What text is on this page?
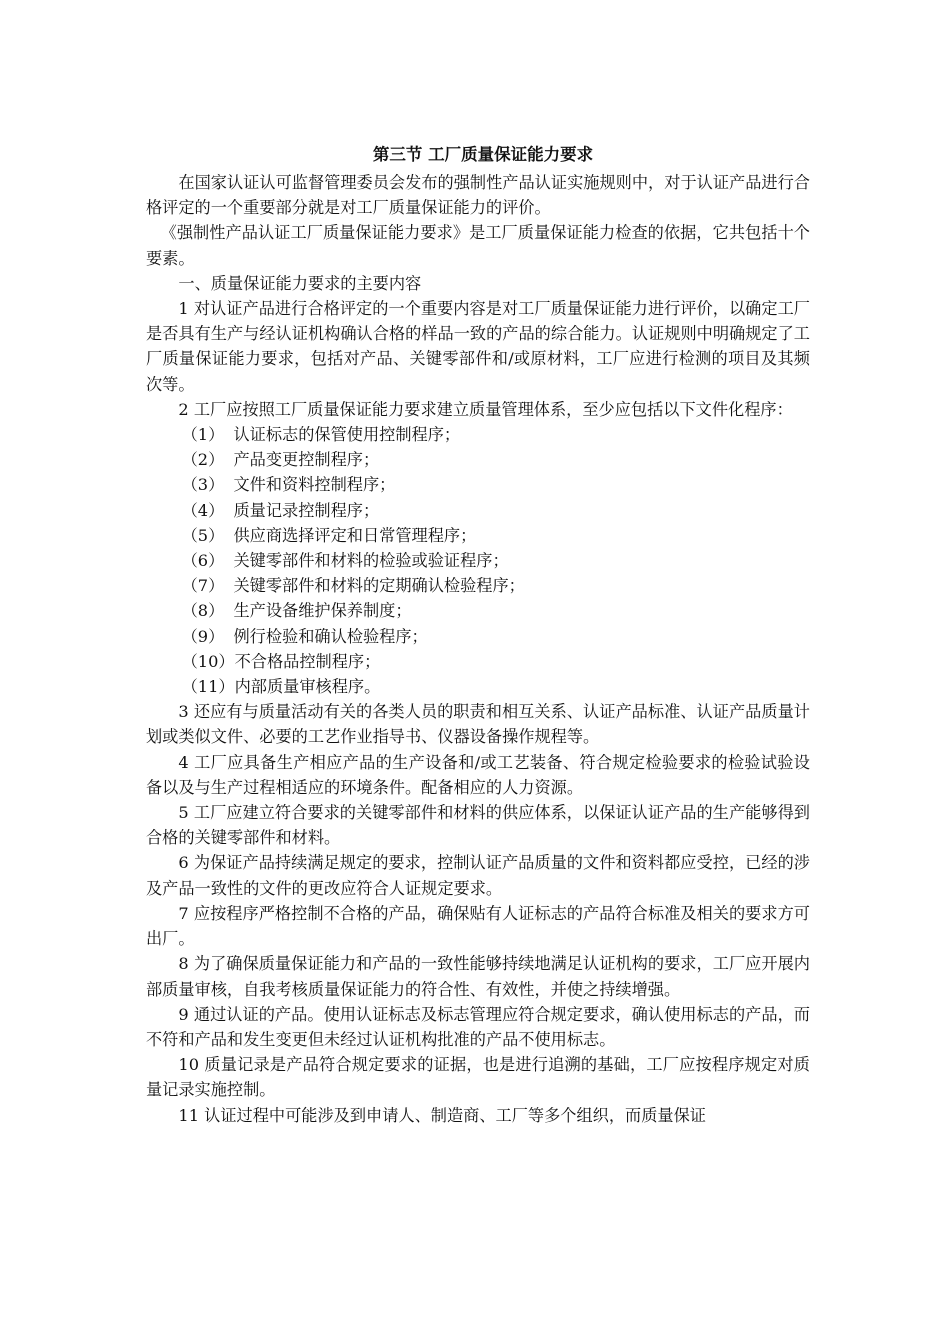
第三节 工厂质量保证能力要求

在国家认证认可监督管理委员会发布的强制性产品认证实施规则中，对于认证产品进行合格评定的一个重要部分就是对工厂质量保证能力的评价。

《强制性产品认证工厂质量保证能力要求》是工厂质量保证能力检查的依据，它共包括十个要素。

一、质量保证能力要求的主要内容

1 对认证产品进行合格评定的一个重要内容是对工厂质量保证能力进行评价，以确定工厂是否具有生产与经认证机构确认合格的样品一致的产品的综合能力。认证规则中明确规定了工厂质量保证能力要求，包括对产品、关键零部件和/或原材料，工厂应进行检测的项目及其频次等。

2 工厂应按照工厂质量保证能力要求建立质量管理体系，至少应包括以下文件化程序：

（1） 认证标志的保管使用控制程序；
（2） 产品变更控制程序；
（3） 文件和资料控制程序；
（4） 质量记录控制程序；
（5） 供应商选择评定和日常管理程序；
（6） 关键零部件和材料的检验或验证程序；
（7） 关键零部件和材料的定期确认检验程序；
（8） 生产设备维护保养制度；
（9） 例行检验和确认检验程序；
（10）不合格品控制程序；
（11）内部质量审核程序。

3 还应有与质量活动有关的各类人员的职责和相互关系、认证产品标准、认证产品质量计划或类似文件、必要的工艺作业指导书、仪器设备操作规程等。

4 工厂应具备生产相应产品的生产设备和/或工艺装备、符合规定检验要求的检验试验设备以及与生产过程相适应的环境条件。配备相应的人力资源。

5 工厂应建立符合要求的关键零部件和材料的供应体系，以保证认证产品的生产能够得到合格的关键零部件和材料。

6 为保证产品持续满足规定的要求，控制认证产品质量的文件和资料都应受控，已经的涉及产品一致性的文件的更改应符合人证规定要求。

7 应按程序严格控制不合格的产品，确保贴有人证标志的产品符合标准及相关的要求方可出厂。

8 为了确保质量保证能力和产品的一致性能够持续地满足认证机构的要求，工厂应开展内部质量审核，自我考核质量保证能力的符合性、有效性，并使之持续增强。

9 通过认证的产品。使用认证标志及标志管理应符合规定要求，确认使用标志的产品，而不符和产品和发生变更但未经过认证机构批准的产品不使用标志。

10 质量记录是产品符合规定要求的证据，也是进行追溯的基础，工厂应按程序规定对质量记录实施控制。

11 认证过程中可能涉及到申请人、制造商、工厂等多个组织，而质量保证
